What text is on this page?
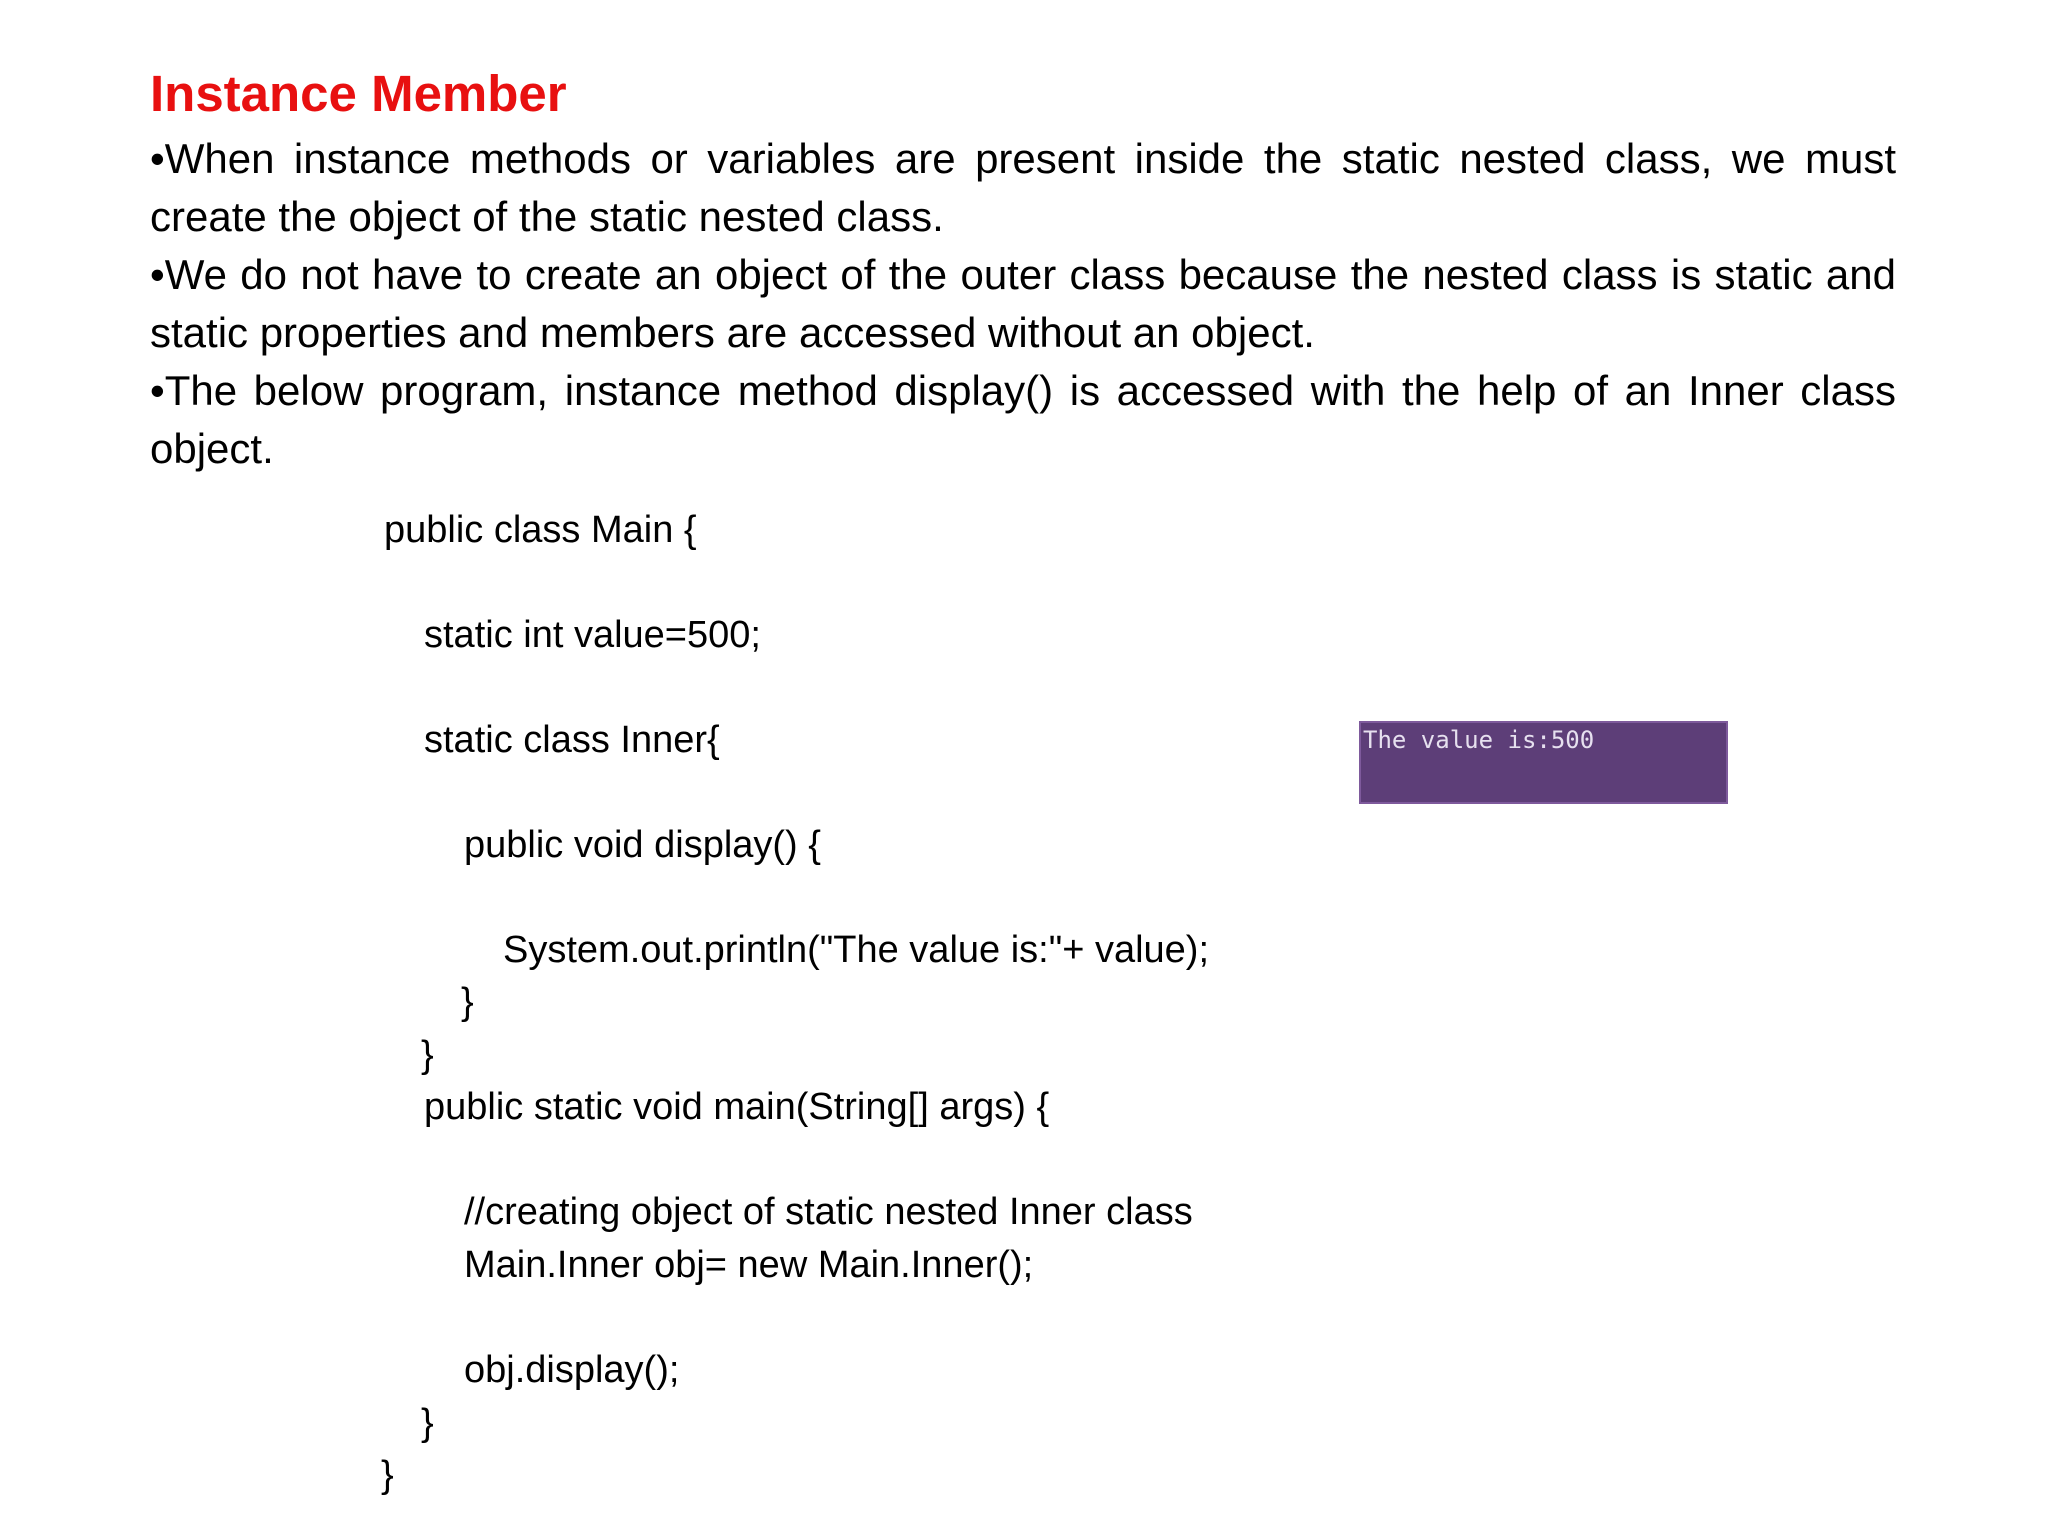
Instance Member
•When instance methods or variables are present inside the static nested class, we must create the object of the static nested class.
•We do not have to create an object of the outer class because the nested class is static and static properties and members are accessed without an object.
•The below program, instance method display() is accessed with the help of an Inner class object.
public class Main {
static int value=500;
static class Inner{
public void display() {
System.out.println("The value is:"+ value);
}
}
public static void main(String[] args) {
//creating object of static nested Inner class
Main.Inner obj= new Main.Inner();
obj.display();
}
}
The value is:500
